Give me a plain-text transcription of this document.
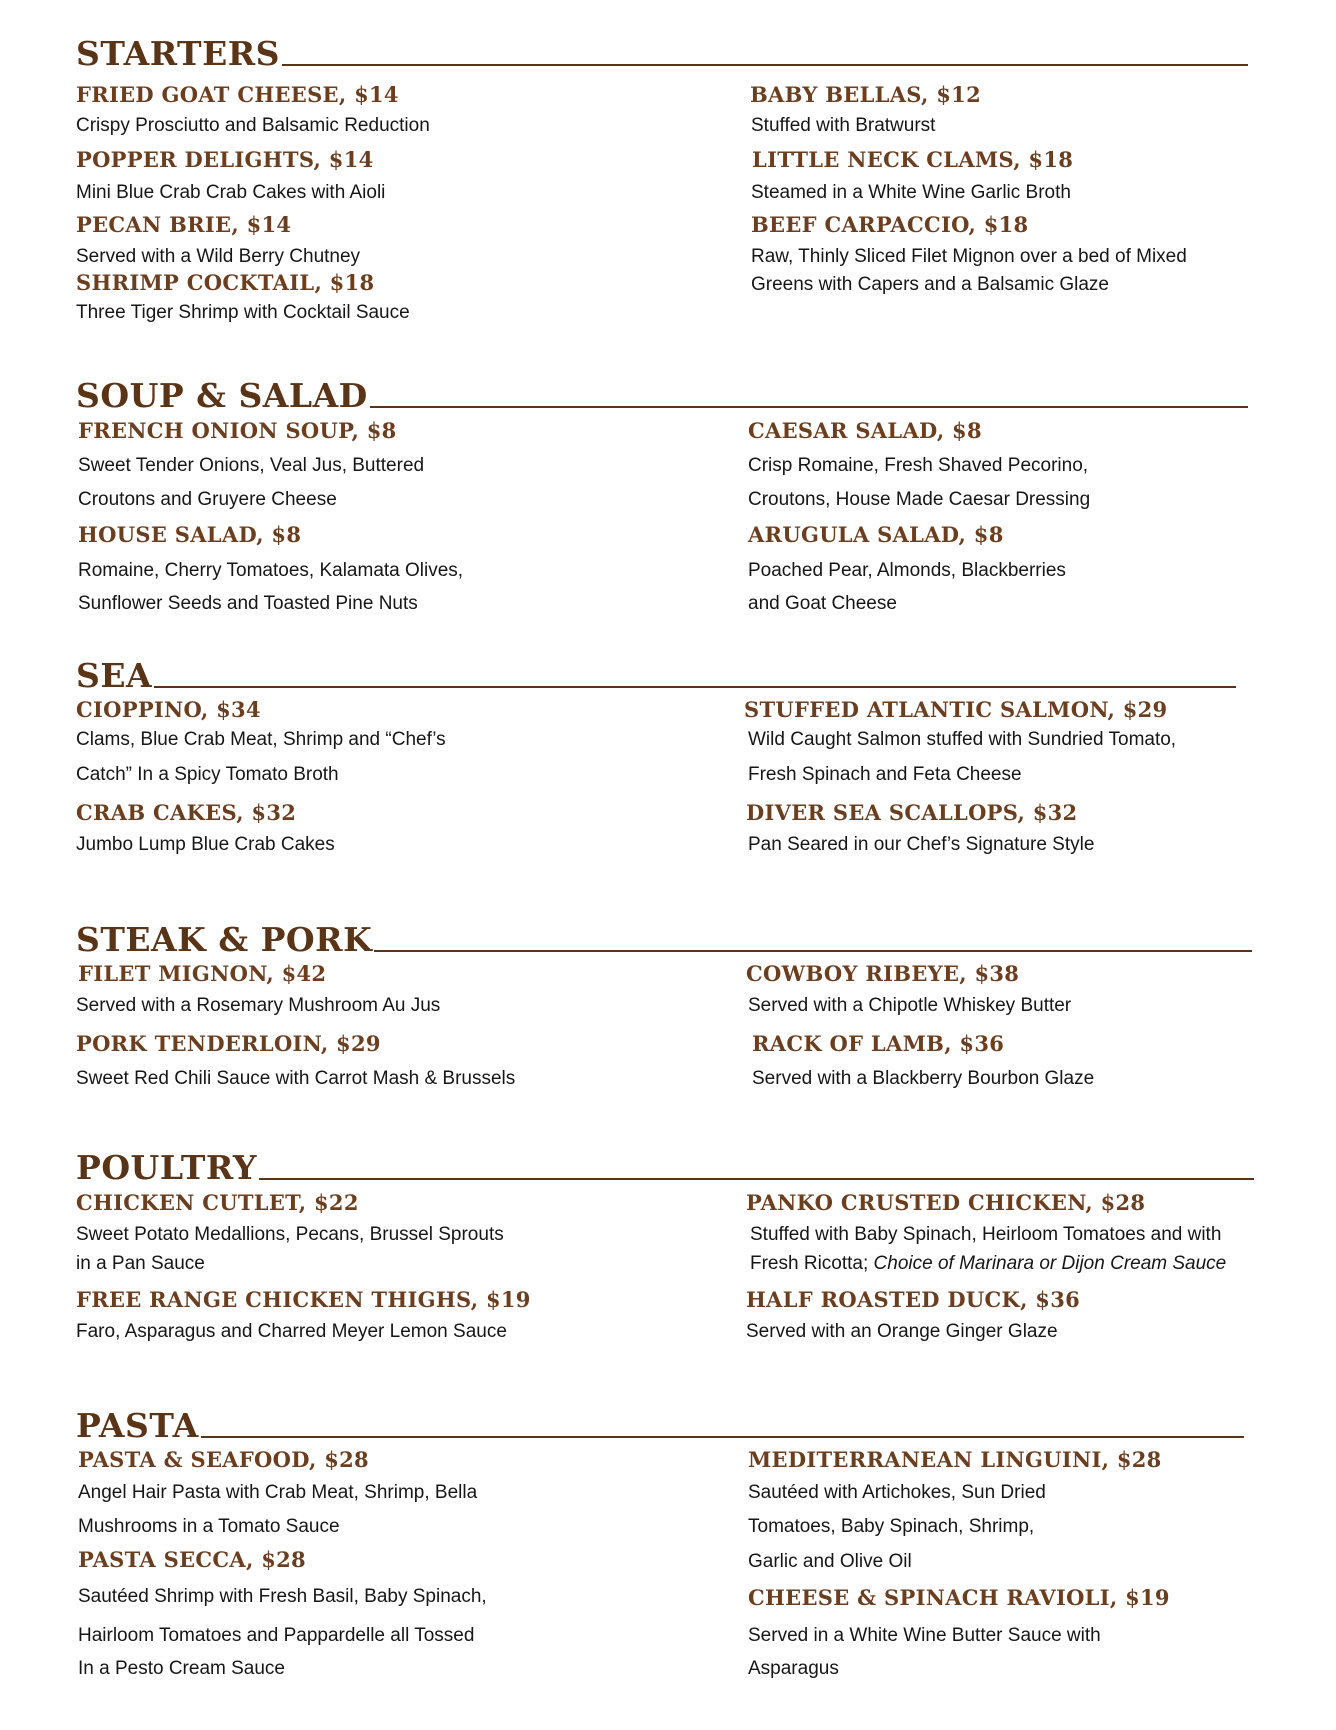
STARTERS
FRIED GOAT CHEESE, $14
Crispy Prosciutto and Balsamic Reduction
POPPER DELIGHTS, $14
Mini Blue Crab Crab Cakes with Aioli
PECAN BRIE, $14
Served with a Wild Berry Chutney
SHRIMP COCKTAIL, $18
Three Tiger Shrimp with Cocktail Sauce
BABY BELLAS, $12
Stuffed with Bratwurst
LITTLE NECK CLAMS, $18
Steamed in a White Wine Garlic Broth
BEEF CARPACCIO, $18
Raw, Thinly Sliced Filet Mignon over a bed of Mixed
Greens with Capers and a Balsamic Glaze
SOUP & SALAD
FRENCH ONION SOUP, $8
Sweet Tender Onions, Veal Jus, Buttered
Croutons and Gruyere Cheese
HOUSE SALAD, $8
Romaine, Cherry Tomatoes, Kalamata Olives,
Sunflower Seeds and Toasted Pine Nuts
CAESAR SALAD, $8
Crisp Romaine, Fresh Shaved Pecorino,
Croutons, House Made Caesar Dressing
ARUGULA SALAD, $8
Poached Pear, Almonds, Blackberries
and Goat Cheese
SEA
CIOPPINO, $34
Clams, Blue Crab Meat, Shrimp and “Chef’s
Catch” In a Spicy Tomato Broth
CRAB CAKES, $32
Jumbo Lump Blue Crab Cakes
STUFFED ATLANTIC SALMON, $29
Wild Caught Salmon stuffed with Sundried Tomato,
Fresh Spinach and Feta Cheese
DIVER SEA SCALLOPS, $32
Pan Seared in our Chef’s Signature Style
STEAK & PORK
FILET MIGNON, $42
Served with a Rosemary Mushroom Au Jus
PORK TENDERLOIN, $29
Sweet Red Chili Sauce with Carrot Mash & Brussels
COWBOY RIBEYE, $38
Served with a Chipotle Whiskey Butter
RACK OF LAMB, $36
Served with a Blackberry Bourbon Glaze
POULTRY
CHICKEN CUTLET, $22
Sweet Potato Medallions, Pecans, Brussel Sprouts
in a Pan Sauce
FREE RANGE CHICKEN THIGHS, $19
Faro, Asparagus and Charred Meyer Lemon Sauce
PANKO CRUSTED CHICKEN, $28
Stuffed with Baby Spinach, Heirloom Tomatoes and with
Fresh Ricotta; Choice of Marinara or Dijon Cream Sauce
HALF ROASTED DUCK, $36
Served with an Orange Ginger Glaze
PASTA
PASTA & SEAFOOD, $28
Angel Hair Pasta with Crab Meat, Shrimp, Bella
Mushrooms in a Tomato Sauce
PASTA SECCA, $28
Sautéed Shrimp with Fresh Basil, Baby Spinach,
Hairloom Tomatoes and Pappardelle all Tossed
In a Pesto Cream Sauce
MEDITERRANEAN LINGUINI, $28
Sautéed with Artichokes, Sun Dried
Tomatoes, Baby Spinach, Shrimp,
Garlic and Olive Oil
CHEESE & SPINACH RAVIOLI, $19
Served in a White Wine Butter Sauce with
Asparagus
